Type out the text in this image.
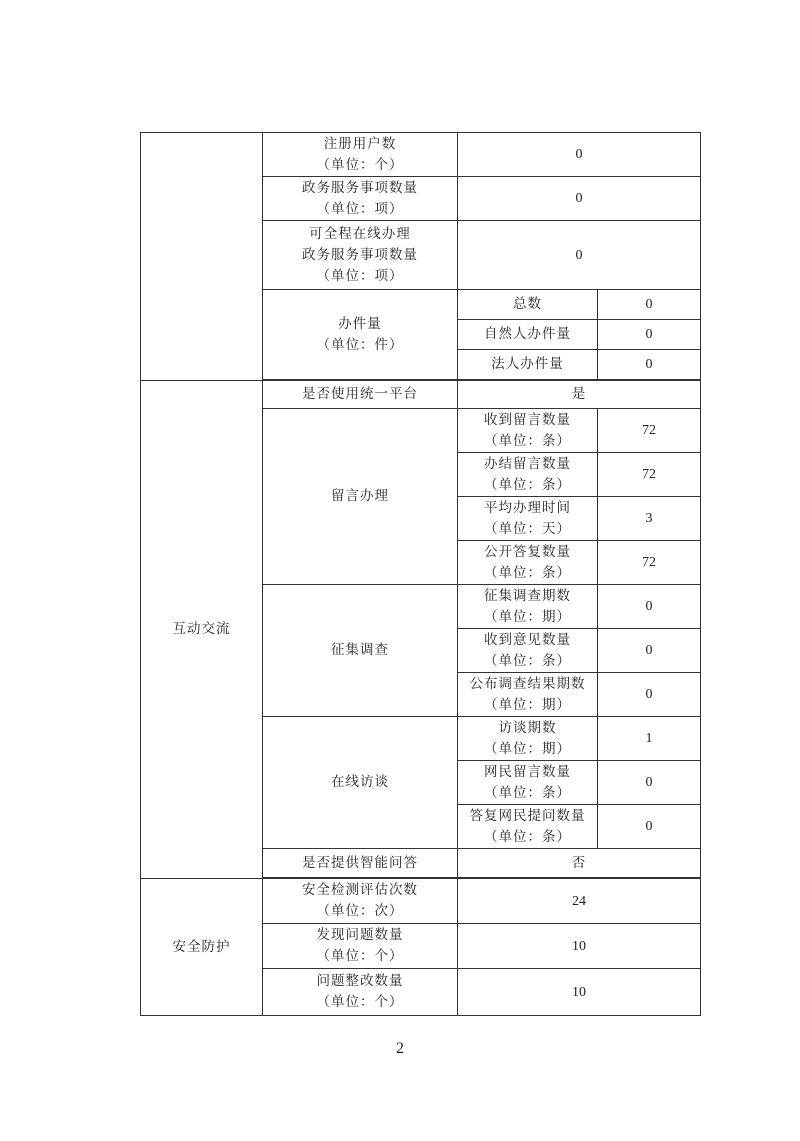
	注册用户数
（单位：个）	0	

	政务服务事项数量
（单位：项）	0	

	可全程在线办理
政务服务事项数量
（单位：项）	0	

	办件量
（单位：件）	总数	0
		自然人办件量	0
		法人办件量	0

互动交流	是否使用统一平台	是	
	留言办理	收到留言数量
（单位：条）	72

		办结留言数量
（单位：条）	72

		平均办理时间
（单位：天）	3

		公开答复数量
（单位：条）	72
	征集调查	征集调查期数
（单位：期）	0

		收到意见数量
（单位：条）	0

		公布调查结果期数
（单位：期）	0
	在线访谈	访谈期数
（单位：期）	1

		网民留言数量
（单位：条）	0

		答复网民提问数量
（单位：条）	0
	是否提供智能问答	否	

安全防护	安全检测评估次数
（单位：次）	24	

	发现问题数量
（单位：个）	10	

	问题整改数量
（单位：个）	10	
2
